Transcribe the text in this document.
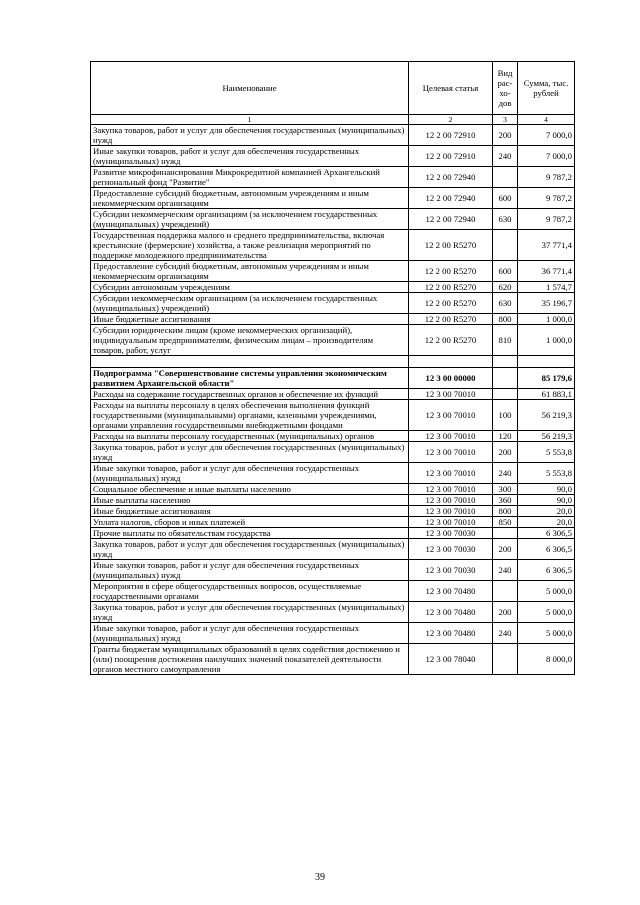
Наименование	Целевая статья	Вид рас-хо-дов	Сумма, тыс. рублей
1	2	3	4
Закупка товаров, работ и услуг для обеспечения государственных (муниципальных) нужд	12 2 00 72910	200	7 000,0
Иные закупки товаров, работ и услуг для обеспечения государственных (муниципальных) нужд	12 2 00 72910	240	7 000,0
Развитие микрофинансирования Микрокредитной компанией Архангельский региональный фонд "Развитие"	12 2 00 72940		9 787,2
Предоставление субсидий бюджетным, автономным учреждениям и иным некоммерческим организациям	12 2 00 72940	600	9 787,2
Субсидии некоммерческим организациям (за исключением государственных (муниципальных) учреждений)	12 2 00 72940	630	9 787,2
Государственная поддержка малого и среднего предпринимательства, включая крестьянские (фермерские) хозяйства, а также реализация мероприятий по поддержке молодежного предпринимательства	12 2 00 R5270		37 771,4
Предоставление субсидий бюджетным, автономным учреждениям и иным некоммерческим организациям	12 2 00 R5270	600	36 771,4
Субсидии автономным учреждениям	12 2 00 R5270	620	1 574,7
Субсидии некоммерческим организациям (за исключением государственных (муниципальных) учреждений)	12 2 00 R5270	630	35 196,7
Иные бюджетные ассигнования	12 2 00 R5270	800	1 000,0
Субсидии юридическим лицам (кроме некоммерческих организаций), индивидуальным предпринимателям, физическим лицам – производителям товаров, работ, услуг	12 2 00 R5270	810	1 000,0

Подпрограмма "Совершенствование системы управления экономическим развитием Архангельской области"	12 3 00 00000		85 179,6
Расходы на содержание государственных органов и обеспечение их функций	12 3 00 70010		61 883,1
Расходы на выплаты персоналу в целях обеспечения выполнения функций государственными (муниципальными) органами, казенными учреждениями, органами управления государственными внебюджетными фондами	12 3 00 70010	100	56 219,3
Расходы на выплаты персоналу государственных (муниципальных) органов	12 3 00 70010	120	56 219,3
Закупка товаров, работ и услуг для обеспечения государственных (муниципальных) нужд	12 3 00 70010	200	5 553,8
Иные закупки товаров, работ и услуг для обеспечения государственных (муниципальных) нужд	12 3 00 70010	240	5 553,8
Социальное обеспечение и иные выплаты населению	12 3 00 70010	300	90,0
Иные выплаты населению	12 3 00 70010	360	90,0
Иные бюджетные ассигнования	12 3 00 70010	800	20,0
Уплата налогов, сборов и иных платежей	12 3 00 70010	850	20,0
Прочие выплаты по обязательствам государства	12 3 00 70030		6 306,5
Закупка товаров, работ и услуг для обеспечения государственных (муниципальных) нужд	12 3 00 70030	200	6 306,5
Иные закупки товаров, работ и услуг для обеспечения государственных (муниципальных) нужд	12 3 00 70030	240	6 306,5
Мероприятия в сфере общегосударственных вопросов, осуществляемые государственными органами	12 3 00 70480		5 000,0
Закупка товаров, работ и услуг для обеспечения государственных (муниципальных) нужд	12 3 00 70480	200	5 000,0
Иные закупки товаров, работ и услуг для обеспечения государственных (муниципальных) нужд	12 3 00 70480	240	5 000,0
Гранты бюджетам муниципальных образований в целях содействия достижению и (или) поощрения достижения наилучших значений показателей деятельности органов местного самоуправления	12 3 00 78040		8 000,0
39
